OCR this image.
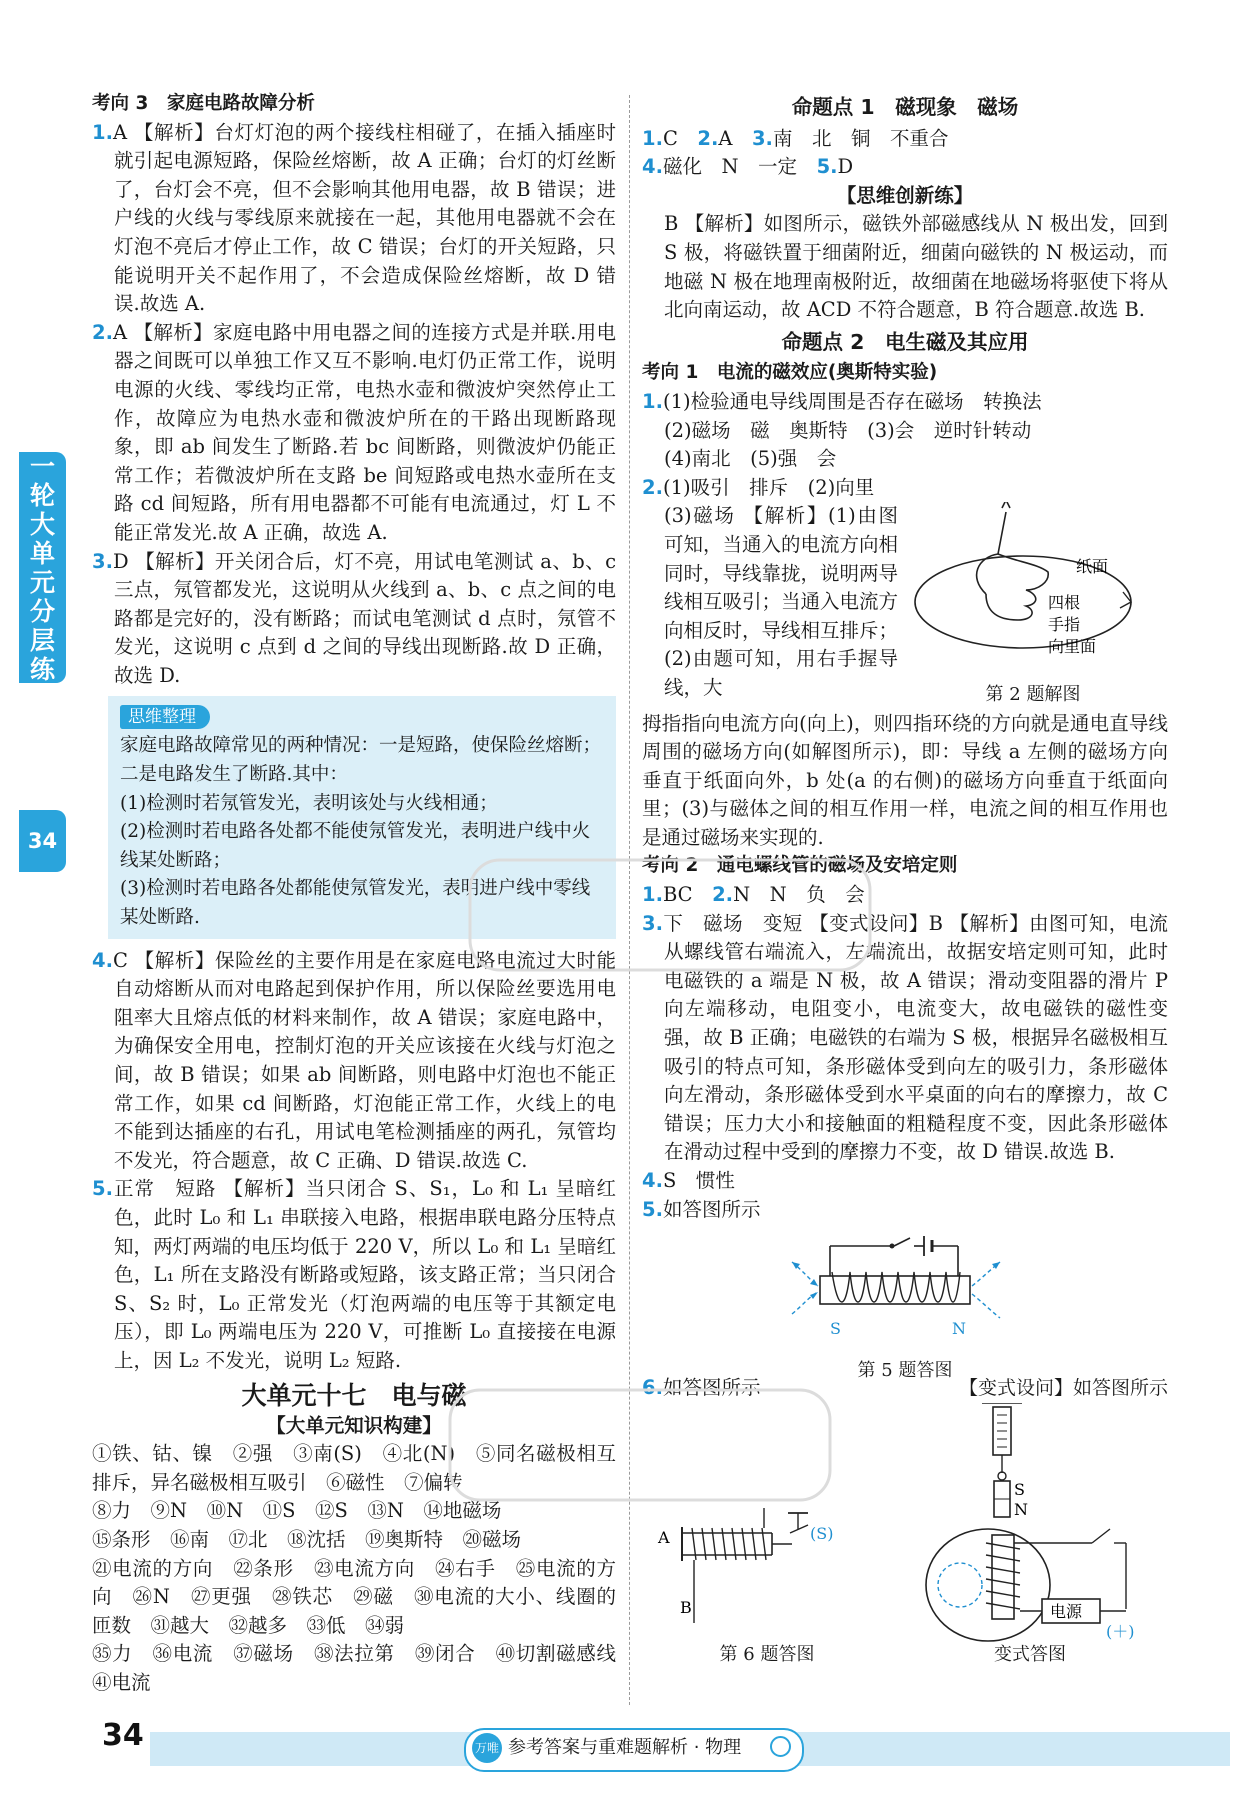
一
轮
大
单
元
分
层
练
34

考向 3　家庭电路故障分析

1.A 【解析】台灯灯泡的两个接线柱相碰了，在插入插座时就引起电源短路，保险丝熔断，故 A 正确；台灯的灯丝断了，台灯会不亮，但不会影响其他用电器，故 B 错误；进户线的火线与零线原来就接在一起，其他用电器就不会在灯泡不亮后才停止工作，故 C 错误；台灯的开关短路，只能说明开关不起作用了，不会造成保险丝熔断，故 D 错误.故选 A.

2.A 【解析】家庭电路中用电器之间的连接方式是并联.用电器之间既可以单独工作又互不影响.电灯仍正常工作，说明电源的火线、零线均正常，电热水壶和微波炉突然停止工作，故障应为电热水壶和微波炉所在的干路出现断路现象，即 ab 间发生了断路.若 bc 间断路，则微波炉仍能正常工作；若微波炉所在支路 be 间短路或电热水壶所在支路 cd 间短路，所有用电器都不可能有电流通过，灯 L 不能正常发光.故 A 正确，故选 A.

3.D 【解析】开关闭合后，灯不亮，用试电笔测试 a、b、c 三点，氖管都发光，这说明从火线到 a、b、c 点之间的电路都是完好的，没有断路；而试电笔测试 d 点时，氖管不发光，这说明 c 点到 d 之间的导线出现断路.故 D 正确，故选 D.

思维整理

家庭电路故障常见的两种情况：一是短路，使保险丝熔断；二是电路发生了断路.其中：

(1)检测时若氖管发光，表明该处与火线相通；

(2)检测时若电路各处都不能使氖管发光，表明进户线中火线某处断路；

(3)检测时若电路各处都能使氖管发光，表明进户线中零线某处断路.

4.C 【解析】保险丝的主要作用是在家庭电路电流过大时能自动熔断从而对电路起到保护作用，所以保险丝要选用电阻率大且熔点低的材料来制作，故 A 错误；家庭电路中，为确保安全用电，控制灯泡的开关应该接在火线与灯泡之间，故 B 错误；如果 ab 间断路，则电路中灯泡也不能正常工作，如果 cd 间断路，灯泡能正常工作，火线上的电不能到达插座的右孔，用试电笔检测插座的两孔，氖管均不发光，符合题意，故 C 正确、D 错误.故选 C.

5.正常　短路 【解析】当只闭合 S、S₁，L₀ 和 L₁ 呈暗红色，此时 L₀ 和 L₁ 串联接入电路，根据串联电路分压特点知，两灯两端的电压均低于 220 V，所以 L₀ 和 L₁ 呈暗红色，L₁ 所在支路没有断路或短路，该支路正常；当只闭合 S、S₂ 时，L₀ 正常发光（灯泡两端的电压等于其额定电压），即 L₀ 两端电压为 220 V，可推断 L₀ 直接接在电源上，因 L₂ 不发光，说明 L₂ 短路.

大单元十七　电与磁

【大单元知识构建】

①铁、钴、镍　②强　③南(S)　④北(N)　⑤同名磁极相互排斥，异名磁极相互吸引　⑥磁性　⑦偏转

⑧力　⑨N　⑩N　⑪S　⑫S　⑬N　⑭地磁场

⑮条形　⑯南　⑰北　⑱沈括　⑲奥斯特　⑳磁场

㉑电流的方向　㉒条形　㉓电流方向　㉔右手　㉕电流的方向　㉖N　㉗更强　㉘铁芯　㉙磁　㉚电流的大小、线圈的匝数　㉛越大　㉜越多　㉝低　㉞弱

㉟力　㊱电流　㊲磁场　㊳法拉第　㊴闭合　㊵切割磁感线　㊶电流

命题点 1　磁现象　磁场

1.C　2.A　3.南　北　铜　不重合

4.磁化　N　一定　5.D

【思维创新练】

B 【解析】如图所示，磁铁外部磁感线从 N 极出发，回到 S 极，将磁铁置于细菌附近，细菌向磁铁的 N 极运动，而地磁 N 极在地理南极附近，故细菌在地磁场将驱使下将从北向南运动，故 ACD 不符合题意，B 符合题意.故选 B.

命题点 2　电生磁及其应用

考向 1　电流的磁效应(奥斯特实验)

1.(1)检验通电导线周围是否存在磁场　转换法
(2)磁场　磁　奥斯特　(3)会　逆时针转动
(4)南北　(5)强　会
2.(1)吸引　排斥　(2)向里
(3)磁场 【解析】(1)由图可知，当通入的电流方向相同时，导线靠拢，说明两导线相互吸引；当通入电流方向相反时，导线相互排斥；(2)由题可知，用右手握导线，大
纸面
四根
手指
向里面

第 2 题解图

拇指指向电流方向(向上)，则四指环绕的方向就是通电直导线周围的磁场方向(如解图所示)，即：导线 a 左侧的磁场方向垂直于纸面向外，b 处(a 的右侧)的磁场方向垂直于纸面向里；(3)与磁体之间的相互作用一样，电流之间的相互作用也是通过磁场来实现的.

考向 2　通电螺线管的磁场及安培定则

1.BC　2.N　N　负　会

3.下　磁场　变短 【变式设问】B 【解析】由图可知，电流从螺线管右端流入，左端流出，故据安培定则可知，此时电磁铁的 a 端是 N 极，故 A 错误；滑动变阻器的滑片 P 向左端移动，电阻变小，电流变大，故电磁铁的磁性变强，故 B 正确；电磁铁的右端为 S 极，根据异名磁极相互吸引的特点可知，条形磁体受到向左的吸引力，条形磁体向左滑动，条形磁体受到水平桌面的向右的摩擦力，故 C 错误；压力大小和接触面的粗糙程度不变，因此条形磁体在滑动过程中受到的摩擦力不变，故 D 错误.故选 B.

4.S　惯性

5.如答图所示

S	N

第 5 题答图

6.如答图所示	【变式设问】如答图所示

A
B
(S)

第 6 题答图

S
N
电源
(＋)

变式答图

34	万唯 参考答案与重难题解析 · 物理
